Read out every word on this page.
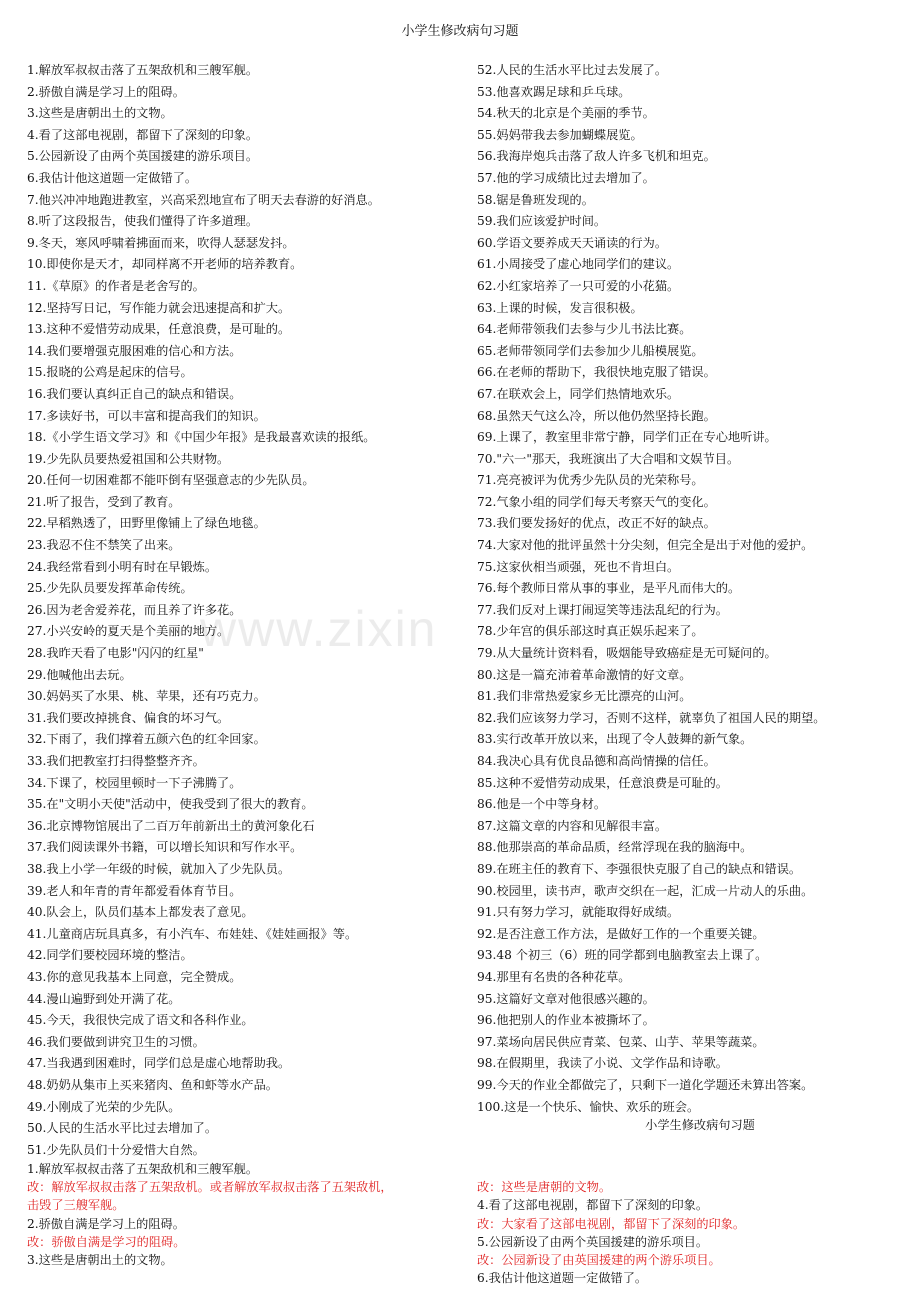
小学生修改病句习题
www.zixin
1.解放军叔叔击落了五架敌机和三艘军舰。
2.骄傲自满是学习上的阻碍。
3.这些是唐朝出土的文物。
4.看了这部电视剧，都留下了深刻的印象。
5.公园新设了由两个英国援建的游乐项目。
6.我估计他这道题一定做错了。
7.他兴冲冲地跑进教室，兴高采烈地宣布了明天去春游的好消息。
8.听了这段报告，使我们懂得了许多道理。
9.冬天，寒风呼啸着拂面而来，吹得人瑟瑟发抖。
10.即使你是天才，却同样离不开老师的培养教育。
11.《草原》的作者是老舍写的。
12.坚持写日记，写作能力就会迅速提高和扩大。
13.这种不爱惜劳动成果，任意浪费，是可耻的。
14.我们要增强克服困难的信心和方法。
15.报晓的公鸡是起床的信号。
16.我们要认真纠正自己的缺点和错误。
17.多读好书，可以丰富和提高我们的知识。
18.《小学生语文学习》和《中国少年报》是我最喜欢读的报纸。
19.少先队员要热爱祖国和公共财物。
20.任何一切困难都不能吓倒有坚强意志的少先队员。
21.听了报告，受到了教育。
22.早稻熟透了，田野里像铺上了绿色地毯。
23.我忍不住不禁笑了出来。
24.我经常看到小明有时在早锻炼。
25.少先队员要发挥革命传统。
26.因为老舍爱养花，而且养了许多花。
27.小兴安岭的夏天是个美丽的地方。
28.我昨天看了电影"闪闪的红星"
29.他喊他出去玩。
30.妈妈买了水果、桃、苹果，还有巧克力。
31.我们要改掉挑食、偏食的坏习气。
32.下雨了，我们撑着五颜六色的红伞回家。
33.我们把教室打扫得整整齐齐。
34.下课了，校园里顿时一下子沸腾了。
35.在"文明小天使"活动中，使我受到了很大的教育。
36.北京博物馆展出了二百万年前新出土的黄河象化石
37.我们阅读课外书籍，可以增长知识和写作水平。
38.我上小学一年级的时候，就加入了少先队员。
39.老人和年青的青年都爱看体育节目。
40.队会上，队员们基本上都发表了意见。
41.儿童商店玩具真多，有小汽车、布娃娃、《娃娃画报》等。
42.同学们要校园环境的整洁。
43.你的意见我基本上同意，完全赞成。
44.漫山遍野到处开满了花。
45.今天，我很快完成了语文和各科作业。
46.我们要做到讲究卫生的习惯。
47.当我遇到困难时，同学们总是虚心地帮助我。
48.奶奶从集市上买来猪肉、鱼和虾等水产品。
49.小刚成了光荣的少先队。
50.人民的生活水平比过去增加了。
51.少先队员们十分爱惜大自然。
52.人民的生活水平比过去发展了。
53.他喜欢踢足球和乒乓球。
54.秋天的北京是个美丽的季节。
55.妈妈带我去参加蝴蝶展览。
56.我海岸炮兵击落了敌人许多飞机和坦克。
57.他的学习成绩比过去增加了。
58.锯是鲁班发现的。
59.我们应该爱护时间。
60.学语文要养成天天诵读的行为。
61.小周接受了虚心地同学们的建议。
62.小红家培养了一只可爱的小花猫。
63.上课的时候，发言很积极。
64.老师带领我们去参与少儿书法比赛。
65.老师带领同学们去参加少儿船模展览。
66.在老师的帮助下，我很快地克服了错误。
67.在联欢会上，同学们热情地欢乐。
68.虽然天气这么冷，所以他仍然坚持长跑。
69.上课了，教室里非常宁静，同学们正在专心地听讲。
70."六一"那天，我班演出了大合唱和文娱节目。
71.亮亮被评为优秀少先队员的光荣称号。
72.气象小组的同学们每天考察天气的变化。
73.我们要发扬好的优点，改正不好的缺点。
74.大家对他的批评虽然十分尖刻，但完全是出于对他的爱护。
75.这家伙相当顽强，死也不肯坦白。
76.每个教师日常从事的事业，是平凡而伟大的。
77.我们反对上课打闹逗笑等违法乱纪的行为。
78.少年宫的俱乐部这时真正娱乐起来了。
79.从大量统计资料看，吸烟能导致癌症是无可疑问的。
80.这是一篇充沛着革命激情的好文章。
81.我们非常热爱家乡无比漂亮的山河。
82.我们应该努力学习，否则不这样，就辜负了祖国人民的期望。
83.实行改革开放以来，出现了令人鼓舞的新气象。
84.我决心具有优良品德和高尚情操的信任。
85.这种不爱惜劳动成果，任意浪费是可耻的。
86.他是一个中等身材。
87.这篇文章的内容和见解很丰富。
88.他那崇高的革命品质，经常浮现在我的脑海中。
89.在班主任的教育下、李强很快克服了自己的缺点和错误。
90.校园里，读书声，歌声交织在一起，汇成一片动人的乐曲。
91.只有努力学习，就能取得好成绩。
92.是否注意工作方法，是做好工作的一个重要关键。
93.48 个初三（6）班的同学都到电脑教室去上课了。
94.那里有名贵的各种花草。
95.这篇好文章对他很感兴趣的。
96.他把别人的作业本被撕坏了。
97.菜场向居民供应青菜、包菜、山芋、苹果等蔬菜。
98.在假期里，我读了小说、文学作品和诗歌。
99.今天的作业全都做完了，只剩下一道化学题还未算出答案。
100.这是一个快乐、愉快、欢乐的班会。
小学生修改病句习题
1.解放军叔叔击落了五架敌机和三艘军舰。
改：解放军叔叔击落了五架敌机。或者解放军叔叔击落了五架敌机，
击毁了三艘军舰。
2.骄傲自满是学习上的阻碍。
改：骄傲自满是学习的阻碍。
3.这些是唐朝出土的文物。
改：这些是唐朝的文物。
4.看了这部电视剧，都留下了深刻的印象。
改：大家看了这部电视剧，都留下了深刻的印象。
5.公园新设了由两个英国援建的游乐项目。
改：公园新设了由英国援建的两个游乐项目。
6.我估计他这道题一定做错了。
